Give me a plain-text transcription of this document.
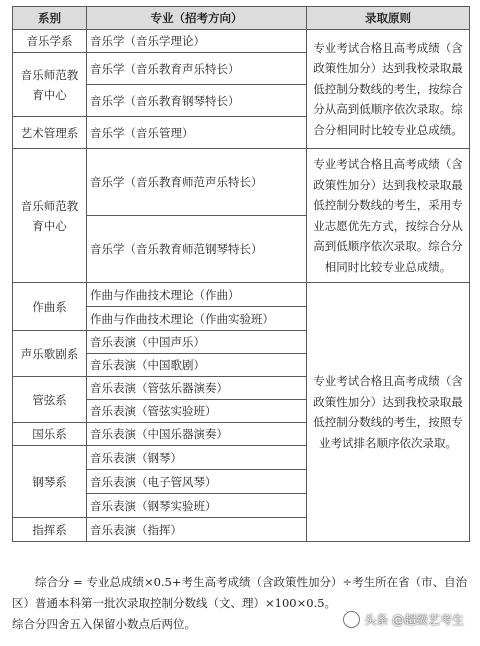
系别	专业（招考方向）	录取原则
音乐学系	音乐学（音乐学理论）	专业考试合格且高考成绩（含政策性加分）达到我校录取最低控制分数线的考生，按综合分从高到低顺序依次录取。综合分相同时比较专业总成绩。
音乐师范教育中心	音乐学（音乐教育声乐特长）	
	音乐学（音乐教育钢琴特长）	
艺术管理系	音乐学（音乐管理）	
音乐师范教育中心	音乐学（音乐教育师范声乐特长）	专业考试合格且高考成绩（含政策性加分）达到我校录取最低控制分数线的考生，采用专业志愿优先方式，按综合分从高到低顺序依次录取。综合分相同时比较专业总成绩。
	音乐学（音乐教育师范钢琴特长）	
作曲系	作曲与作曲技术理论（作曲）	专业考试合格且高考成绩（含政策性加分）达到我校录取最低控制分数线的考生，按照专业考试排名顺序依次录取。
	作曲与作曲技术理论（作曲实验班）	
声乐歌剧系	音乐表演（中国声乐）	
	音乐表演（中国歌剧）	
管弦系	音乐表演（管弦乐器演奏）	
	音乐表演（管弦实验班）	
国乐系	音乐表演（中国乐器演奏）	
钢琴系	音乐表演（钢琴）	
	音乐表演（电子管风琴）	
	音乐表演（钢琴实验班）	
指挥系	音乐表演（指挥）	

综合分 = 专业总成绩×0.5+考生高考成绩（含政策性加分）÷考生所在省（市、自治区）普通本科第一批次录取控制分数线（文、理）×100×0.5。

综合分四舍五入保留小数点后两位。	头条 @超级艺考生
